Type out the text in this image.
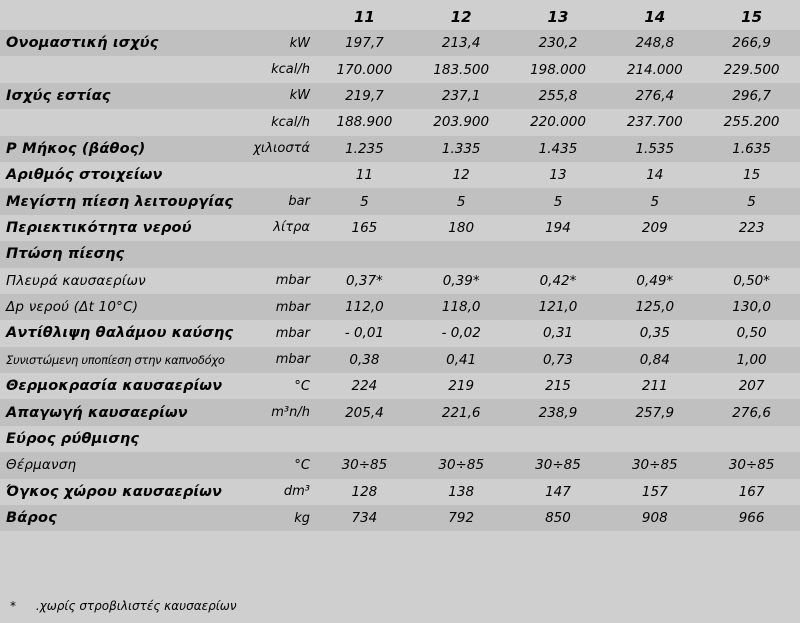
		11	12	13	14	15
Ονομαστική ισχύς	kW	197,7	213,4	230,2	248,8	266,9
	kcal/h	170.000	183.500	198.000	214.000	229.500
Ισχύς εστίας	kW	219,7	237,1	255,8	276,4	296,7
	kcal/h	188.900	203.900	220.000	237.700	255.200
P Μήκος (βάθος)	χιλιοστά	1.235	1.335	1.435	1.535	1.635
Αριθμός στοιχείων		11	12	13	14	15
Μεγίστη πίεση λειτουργίας	bar	5	5	5	5	5
Περιεκτικότητα νερού	λίτρα	165	180	194	209	223
Πτώση πίεσης						
Πλευρά καυσαερίων	mbar	0,37*	0,39*	0,42*	0,49*	0,50*
Δp νερού (Δt 10°C)	mbar	112,0	118,0	121,0	125,0	130,0
Αντίθλιψη θαλάμου καύσης	mbar	- 0,01	- 0,02	0,31	0,35	0,50
Συνιστώμενη υποπίεση στην καπνοδόχο	mbar	0,38	0,41	0,73	0,84	1,00
Θερμοκρασία καυσαερίων	°C	224	219	215	211	207
Απαγωγή καυσαερίων	m³n/h	205,4	221,6	238,9	257,9	276,6
Εύρος ρύθμισης						
Θέρμανση	°C	30÷85	30÷85	30÷85	30÷85	30÷85
Όγκος χώρου καυσαερίων	dm³	128	138	147	157	167
Βάρος	kg	734	792	850	908	966
* .χωρίς στροβιλιστές καυσαερίων
